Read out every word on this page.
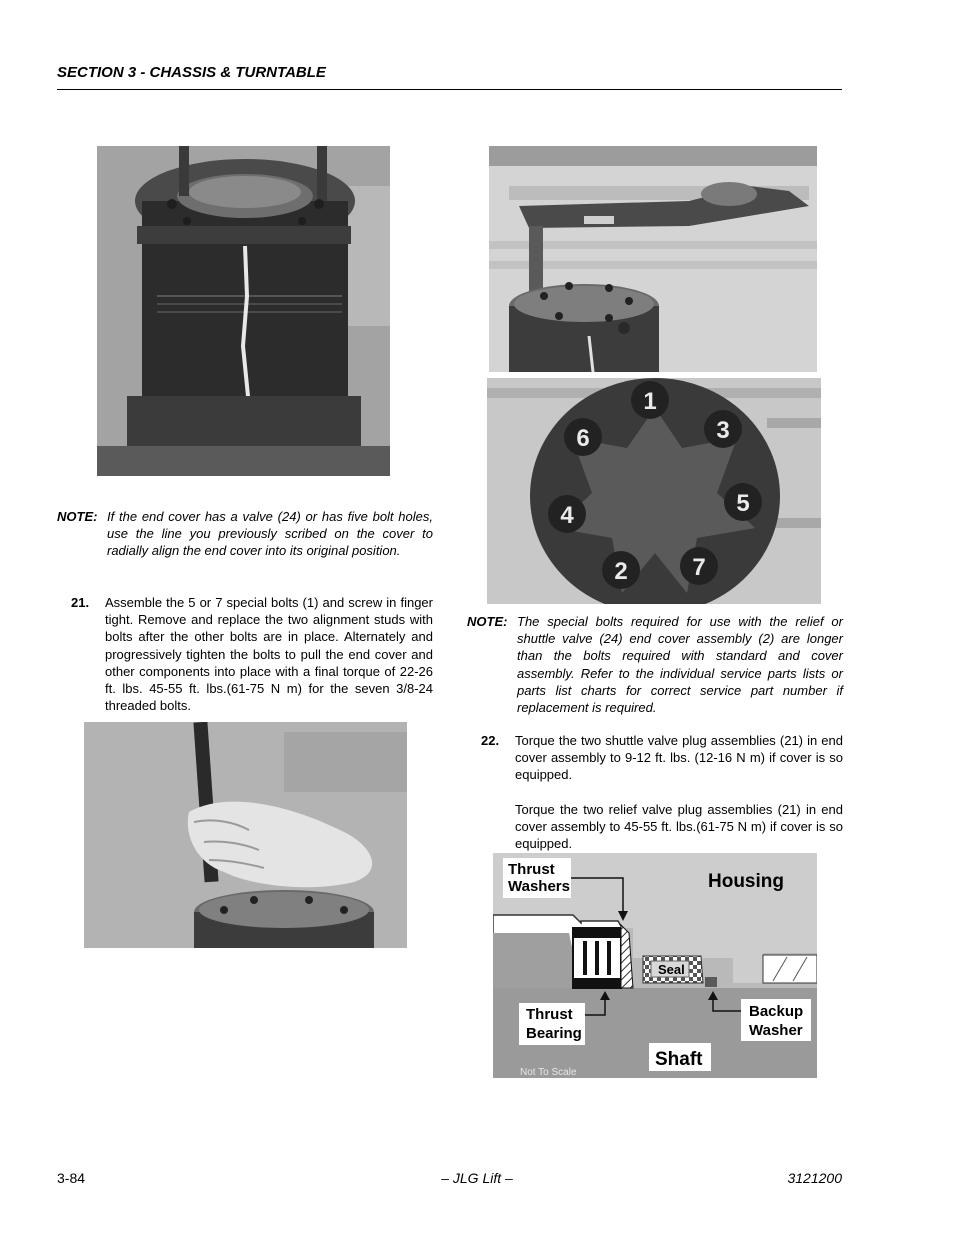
SECTION 3 - CHASSIS & TURNTABLE
1
3
5
7
2
4
6
NOTE: If the end cover has a valve (24) or has five bolt holes, use the line you previously scribed on the cover to radially align the end cover into its original position.
21. Assemble the 5 or 7 special bolts (1) and screw in finger tight. Remove and replace the two alignment studs with bolts after the other bolts are in place. Alternately and progressively tighten the bolts to pull the end cover and other components into place with a final torque of 22-26 ft. lbs. 45-55 ft. lbs.(61-75 N m) for the seven 3/8-24 threaded bolts.
NOTE: The special bolts required for use with the relief or shuttle valve (24) end cover assembly (2) are longer than the bolts required with standard and cover assembly. Refer to the individual service parts lists or parts list charts for correct service part number if replacement is required.
22. Torque the two shuttle valve plug assemblies (21) in end cover assembly to 9-12 ft. lbs. (12-16 N m) if cover is so equipped.
Torque the two relief valve plug assemblies (21) in end cover assembly to 45-55 ft. lbs.(61-75 N m) if cover is so equipped.
Thrust
Washers	Housing
Seal
Thrust
Bearing
Backup
Washer
Shaft
Not To Scale
3-84	– JLG Lift –	3121200
